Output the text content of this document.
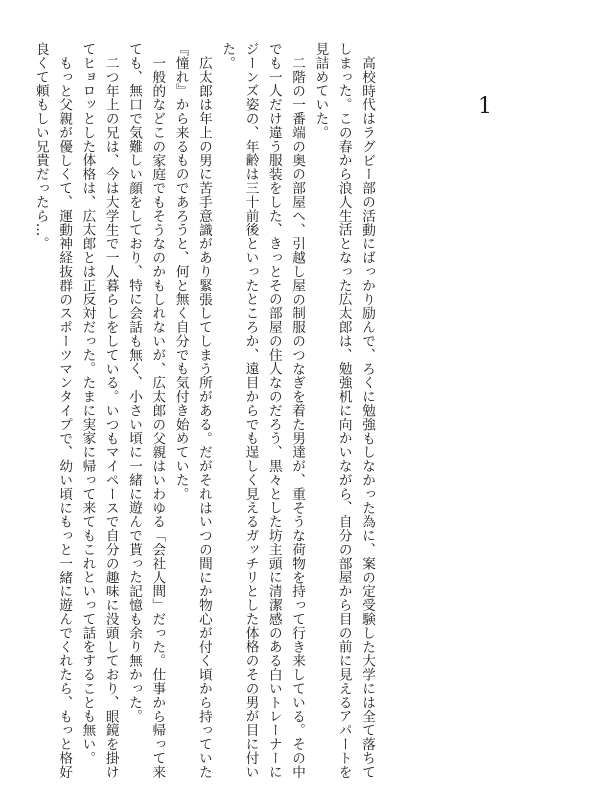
1

高校時代はラグビー部の活動にばっかり励んで、ろくに勉強もしなかった為に、案の定受験した大学には全て落ちてしまった。この春から浪人生活となった広太郎は、勉強机に向かいながら、自分の部屋から目の前に見えるアパートを見詰めていた。

二階の一番端の奥の部屋へ、引越し屋の制服のつなぎを着た男達が、重そうな荷物を持って行き来している。その中でも一人だけ違う服装をした、きっとその部屋の住人なのだろう、黒々とした坊主頭に清潔感のある白いトレーナーにジーンズ姿の、年齢は三十前後といったところか、遠目からでも逞しく見えるガッチリとした体格のその男が目に付いた。

広太郎は年上の男に苦手意識があり緊張してしまう所がある。だがそれはいつの間にか物心が付く頃から持っていた『憧れ』から来るものであろうと、何と無く自分でも気付き始めていた。

一般的などこの家庭でもそうなのかもしれないが、広太郎の父親はいわゆる「会社人間」だった。仕事から帰って来ても、無口で気難しい顔をしており、特に会話も無く、小さい頃に一緒に遊んで貰った記憶も余り無かった。

二つ年上の兄は、今は大学生で一人暮らしをしている。いつもマイペースで自分の趣味に没頭しており、眼鏡を掛けてヒョロッとした体格は、広太郎とは正反対だった。たまに実家に帰って来てもこれといって話をすることも無い。

もっと父親が優しくて、運動神経抜群のスポーツマンタイプで、幼い頃にもっと一緒に遊んでくれたら、もっと格好良くて頼もしい兄貴だったら…。
